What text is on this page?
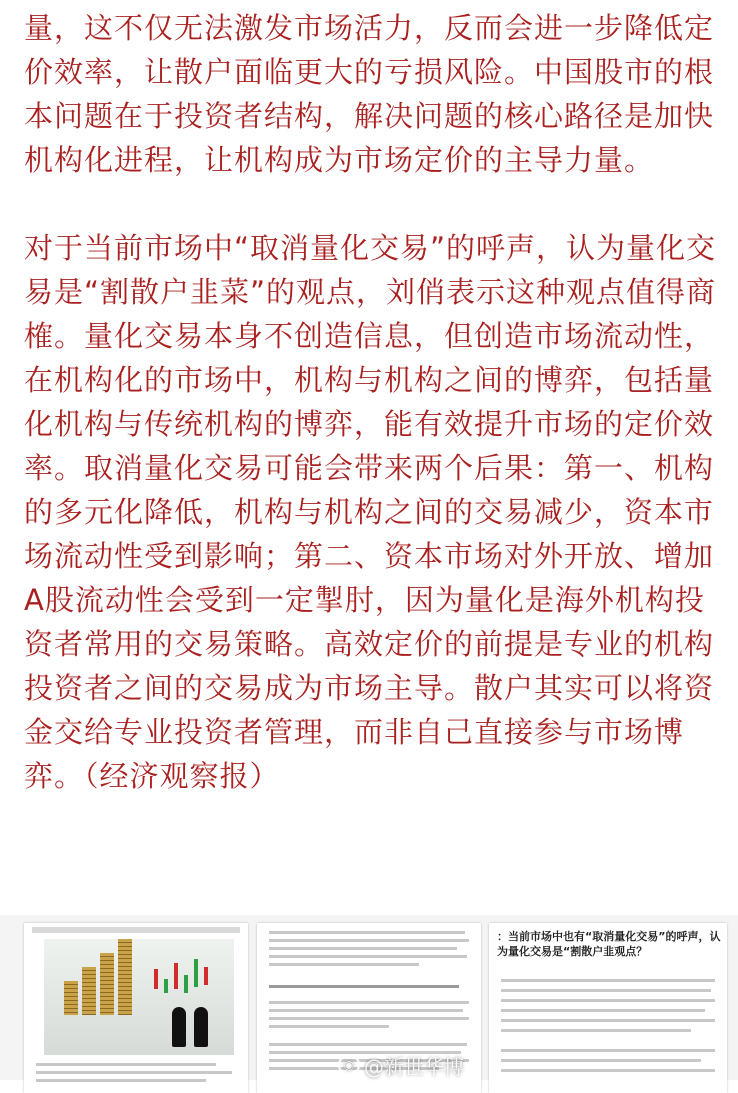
量，这不仅无法激发市场活力，反而会进一步降低定价效率，让散户面临更大的亏损风险。中国股市的根本问题在于投资者结构，解决问题的核心路径是加快机构化进程，让机构成为市场定价的主导力量。

对于当前市场中“取消量化交易”的呼声，认为量化交易是“割散户韭菜”的观点，刘俏表示这种观点值得商榷。量化交易本身不创造信息，但创造市场流动性，在机构化的市场中，机构与机构之间的博弈，包括量化机构与传统机构的博弈，能有效提升市场的定价效率。取消量化交易可能会带来两个后果：第一、机构的多元化降低，机构与机构之间的交易减少，资本市场流动性受到影响；第二、资本市场对外开放、增加A股流动性会受到一定掣肘，因为量化是海外机构投资者常用的交易策略。高效定价的前提是专业的机构投资者之间的交易成为市场主导。散户其实可以将资金交给专业投资者管理，而非自己直接参与市场博弈。（经济观察报）

：当前市场中也有“取消量化交易”的呼声，认为量化交易是“割散户韭观点？
◉ @新世华博
